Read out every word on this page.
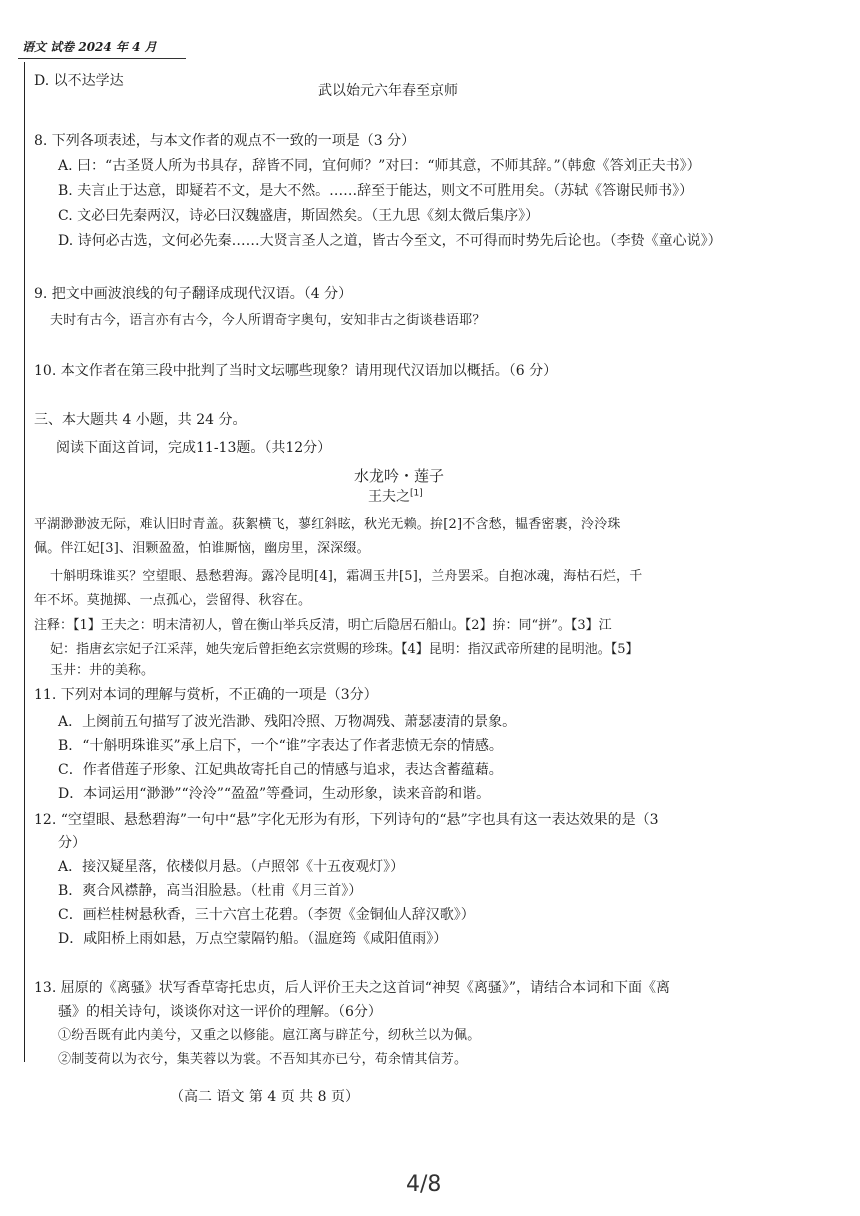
语文 试卷 2024 年 4 月
D. 以不达学达
武以始元六年春至京师
8. 下列各项表述，与本文作者的观点不一致的一项是（3 分）
A. 曰：“古圣贤人所为书具存，辞皆不同，宜何师？”对曰：“师其意，不师其辞。”（韩愈《答刘正夫书》）
B. 夫言止于达意，即疑若不文，是大不然。……辞至于能达，则文不可胜用矣。（苏轼《答谢民师书》）
C. 文必曰先秦两汉，诗必曰汉魏盛唐，斯固然矣。（王九思《刻太微后集序》）
D. 诗何必古选，文何必先秦……大贤言圣人之道，皆古今至文，不可得而时势先后论也。（李贽《童心说》）
9. 把文中画波浪线的句子翻译成现代汉语。（4 分）
夫时有古今，语言亦有古今，今人所谓奇字奥句，安知非古之街谈巷语耶？
10. 本文作者在第三段中批判了当时文坛哪些现象？请用现代汉语加以概括。（6 分）
三、本大题共 4 小题，共 24 分。
阅读下面这首词，完成11-13题。（共12分）
水龙吟・莲子
王夫之[1]
平湖渺渺波无际，难认旧时青盖。荻絮横飞，蓼红斜眩，秋光无赖。拚[2]不含愁，韫香密裹，泠泠珠
佩。伴江妃[3]、泪颗盈盈，怕谁厮恼，幽房里，深深缀。
十斛明珠谁买？空望眼、悬愁碧海。露冷昆明[4]，霜凋玉井[5]，兰舟罢采。自抱冰魂，海枯石烂，千
年不坏。莫抛掷、一点孤心，尝留得、秋容在。
注释：【1】王夫之：明末清初人，曾在衡山举兵反清，明亡后隐居石船山。【2】拚：同“拼”。【3】江
妃：指唐玄宗妃子江采萍，她失宠后曾拒绝玄宗赏赐的珍珠。【4】昆明：指汉武帝所建的昆明池。【5】
玉井：井的美称。
11. 下列对本词的理解与赏析，不正确的一项是（3分）
A．上阕前五句描写了波光浩渺、残阳冷照、万物凋残、萧瑟凄清的景象。
B．“十斛明珠谁买”承上启下，一个“谁”字表达了作者悲愤无奈的情感。
C．作者借莲子形象、江妃典故寄托自己的情感与追求，表达含蓄蕴藉。
D．本词运用“渺渺”“泠泠”“盈盈”等叠词，生动形象，读来音韵和谐。
12. “空望眼、悬愁碧海”一句中“悬”字化无形为有形，下列诗句的“悬”字也具有这一表达效果的是（3
分）
A．接汉疑星落，依楼似月悬。（卢照邻《十五夜观灯》）
B．爽合风襟静，高当泪脸悬。（杜甫《月三首》）
C．画栏桂树悬秋香，三十六宫土花碧。（李贺《金铜仙人辞汉歌》）
D．咸阳桥上雨如悬，万点空蒙隔钓船。（温庭筠《咸阳值雨》）
13. 屈原的《离骚》状写香草寄托忠贞，后人评价王夫之这首词“神契《离骚》”，请结合本词和下面《离
骚》的相关诗句，谈谈你对这一评价的理解。（6分）
①纷吾既有此内美兮，又重之以修能。扈江离与辟芷兮，纫秋兰以为佩。
②制芰荷以为衣兮，集芙蓉以为裳。不吾知其亦已兮，苟余情其信芳。
（高二 语文 第 4 页 共 8 页）
4/8
